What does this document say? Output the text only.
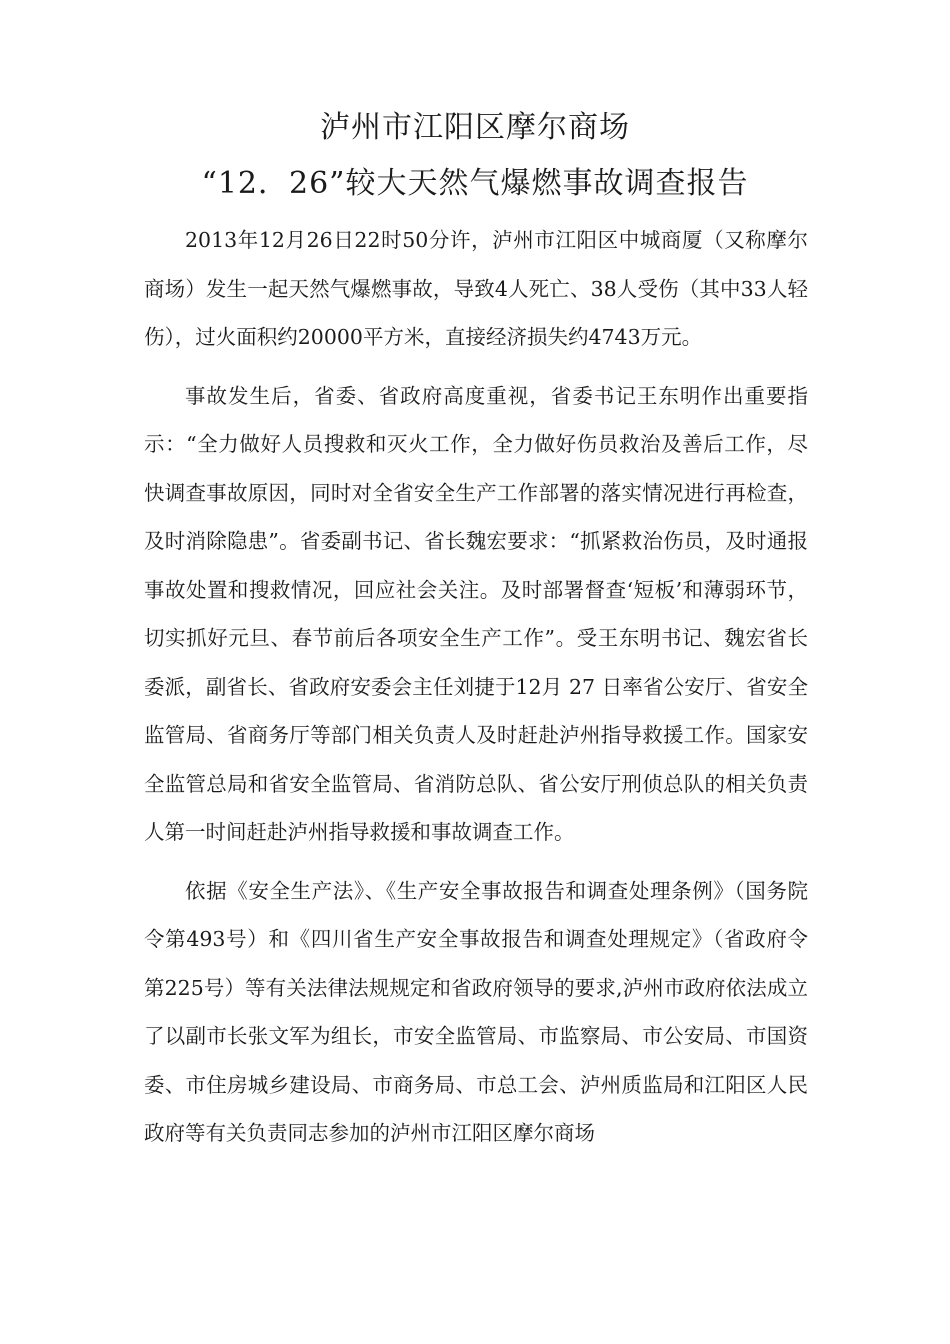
泸州市江阳区摩尔商场
“12．26”较大天然气爆燃事故调查报告

2013年12月26日22时50分许，泸州市江阳区中城商厦（又称摩尔商场）发生一起天然气爆燃事故，导致4人死亡、38人受伤（其中33人轻伤），过火面积约20000平方米，直接经济损失约4743万元。

事故发生后，省委、省政府高度重视，省委书记王东明作出重要指示：“全力做好人员搜救和灭火工作，全力做好伤员救治及善后工作，尽快调查事故原因，同时对全省安全生产工作部署的落实情况进行再检查，及时消除隐患”。省委副书记、省长魏宏要求：“抓紧救治伤员，及时通报事故处置和搜救情况，回应社会关注。及时部署督查‘短板’和薄弱环节，切实抓好元旦、春节前后各项安全生产工作”。受王东明书记、魏宏省长委派，副省长、省政府安委会主任刘捷于12月 27 日率省公安厅、省安全监管局、省商务厅等部门相关负责人及时赶赴泸州指导救援工作。国家安全监管总局和省安全监管局、省消防总队、省公安厅刑侦总队的相关负责人第一时间赶赴泸州指导救援和事故调查工作。

依据《安全生产法》、《生产安全事故报告和调查处理条例》（国务院令第493号）和《四川省生产安全事故报告和调查处理规定》（省政府令第225号）等有关法律法规规定和省政府领导的要求,泸州市政府依法成立了以副市长张文军为组长，市安全监管局、市监察局、市公安局、市国资委、市住房城乡建设局、市商务局、市总工会、泸州质监局和江阳区人民政府等有关负责同志参加的泸州市江阳区摩尔商场
